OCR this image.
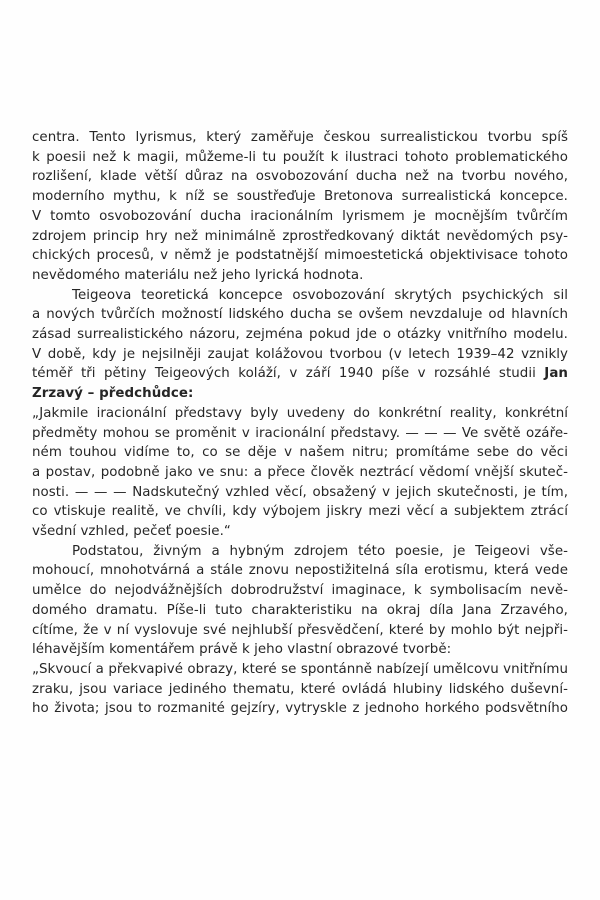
centra. Tento lyrismus, který zaměřuje českou surrealistickou tvorbu spíš
k poesii než k magii, můžeme-li tu použít k ilustraci tohoto problematického
rozlišení, klade větší důraz na osvobozování ducha než na tvorbu nového,
moderního mythu, k níž se soustřeďuje Bretonova surrealistická koncepce.
V tomto osvobozování ducha iracionálním lyrismem je mocnějším tvůrčím
zdrojem princip hry než minimálně zprostředkovaný diktát nevědomých psy-
chických procesů, v němž je podstatnější mimoestetická objektivisace tohoto
nevědomého materiálu než jeho lyrická hodnota.
Teigeova teoretická koncepce osvobozování skrytých psychických sil
a nových tvůrčích možností lidského ducha se ovšem nevzdaluje od hlavních
zásad surrealistického názoru, zejména pokud jde o otázky vnitřního modelu.
V době, kdy je nejsilněji zaujat kolážovou tvorbou (v letech 1939–42 vznikly
téměř tři pětiny Teigeových koláží, v září 1940 píše v rozsáhlé studii Jan
Zrzavý – předchůdce:
„Jakmile iracionální představy byly uvedeny do konkrétní reality, konkrétní
předměty mohou se proměnit v iracionální představy. — — — Ve světě ozáře-
ném touhou vidíme to, co se děje v našem nitru; promítáme sebe do věci
a postav, podobně jako ve snu: a přece člověk neztrácí vědomí vnější skuteč-
nosti. — — — Nadskutečný vzhled věcí, obsažený v jejich skutečnosti, je tím,
co vtiskuje realitě, ve chvíli, kdy výbojem jiskry mezi věcí a subjektem ztrácí
všední vzhled, pečeť poesie.“
Podstatou, živným a hybným zdrojem této poesie, je Teigeovi vše-
mohoucí, mnohotvárná a stále znovu nepostižitelná síla erotismu, která vede
umělce do nejodvážnějších dobrodružství imaginace, k symbolisacím nevě-
domého dramatu. Píše-li tuto charakteristiku na okraj díla Jana Zrzavého,
cítíme, že v ní vyslovuje své nejhlubší přesvědčení, které by mohlo být nejpři-
léhavějším komentářem právě k jeho vlastní obrazové tvorbě:
„Skvoucí a překvapivé obrazy, které se spontánně nabízejí umělcovu vnitřnímu
zraku, jsou variace jediného thematu, které ovládá hlubiny lidského duševní-
ho života; jsou to rozmanité gejzíry, vytryskle z jednoho horkého podsvětního
